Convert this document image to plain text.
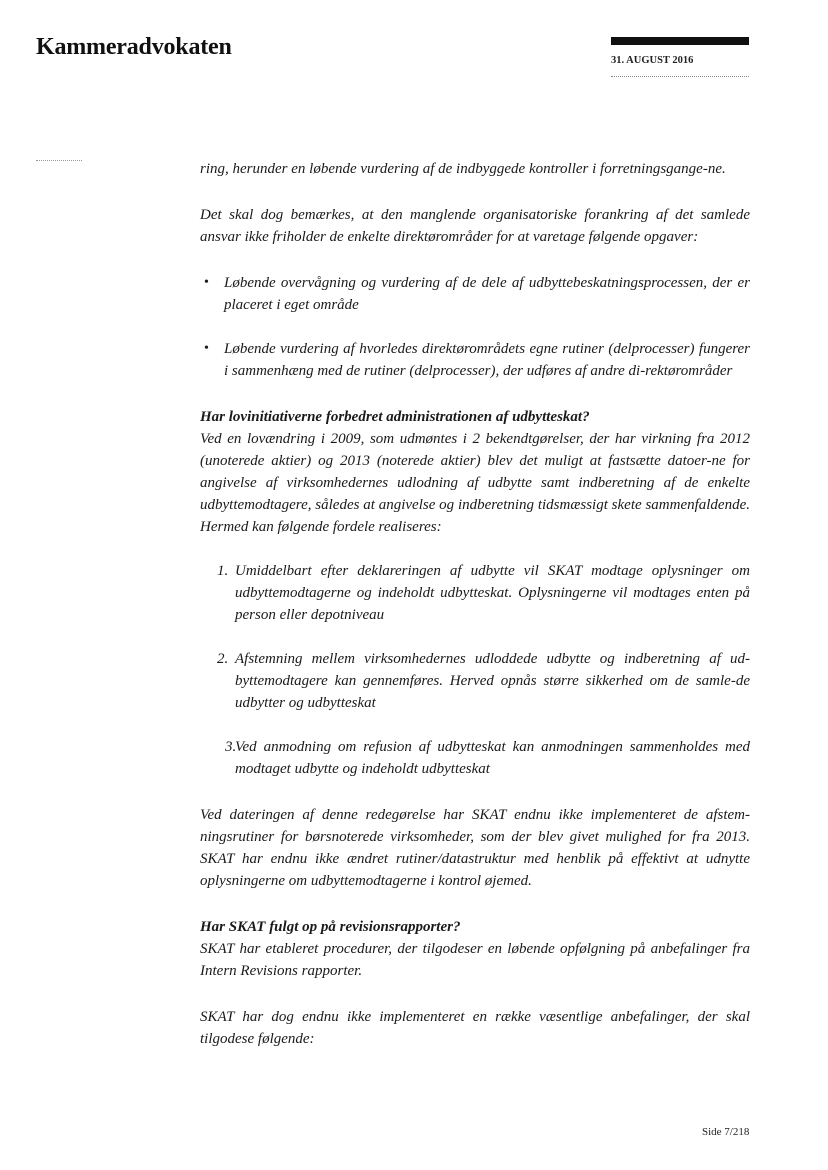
Kammeradvokaten
31. AUGUST 2016

ring, herunder en løbende vurdering af de indbyggede kontroller i forretningsgange-ne.

Det skal dog bemærkes, at den manglende organisatoriske forankring af det samlede ansvar ikke friholder de enkelte direktørområder for at varetage følgende opgaver:

• Løbende overvågning og vurdering af de dele af udbyttebeskatningsprocessen, der er placeret i eget område
• Løbende vurdering af hvorledes direktørområdets egne rutiner (delprocesser) fungerer i sammenhæng med de rutiner (delprocesser), der udføres af andre di-rektørområder

Har lovinitiativerne forbedret administrationen af udbytteskat?

Ved en lovændring i 2009, som udmøntes i 2 bekendtgørelser, der har virkning fra 2012 (unoterede aktier) og 2013 (noterede aktier) blev det muligt at fastsætte datoer-ne for angivelse af virksomhedernes udlodning af udbytte samt indberetning af de enkelte udbyttemodtagere, således at angivelse og indberetning tidsmæssigt skete sammenfaldende. Hermed kan følgende fordele realiseres:

1. Umiddelbart efter deklareringen af udbytte vil SKAT modtage oplysninger om udbyttemodtagerne og indeholdt udbytteskat. Oplysningerne vil modtages enten på person eller depotniveau
2. Afstemning mellem virksomhedernes udloddede udbytte og indberetning af ud-byttemodtagere kan gennemføres. Herved opnås større sikkerhed om de samle-de udbytter og udbytteskat
3.
Ved anmodning om refusion af udbytteskat kan anmodningen sammenholdes med modtaget udbytte og indeholdt udbytteskat

Ved dateringen af denne redegørelse har SKAT endnu ikke implementeret de afstem-ningsrutiner for børsnoterede virksomheder, som der blev givet mulighed for fra 2013. SKAT har endnu ikke ændret rutiner/datastruktur med henblik på effektivt at udnytte oplysningerne om udbyttemodtagerne i kontrol øjemed.

Har SKAT fulgt op på revisionsrapporter?

SKAT har etableret procedurer, der tilgodeser en løbende opfølgning på anbefalinger fra Intern Revisions rapporter.

SKAT har dog endnu ikke implementeret en række væsentlige anbefalinger, der skal tilgodese følgende:

Side 7/218
